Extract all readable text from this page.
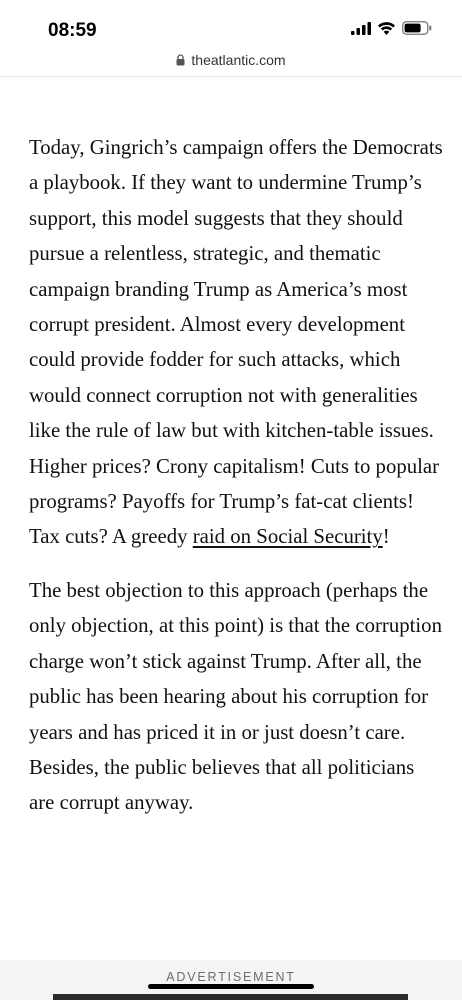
08:59
theatlantic.com

Today, Gingrich’s campaign offers the Democrats a playbook. If they want to undermine Trump’s support, this model suggests that they should pursue a relentless, strategic, and thematic campaign branding Trump as America’s most corrupt president. Almost every development could provide fodder for such attacks, which would connect corruption not with generalities like the rule of law but with kitchen-table issues. Higher prices? Crony capitalism! Cuts to popular programs? Payoffs for Trump’s fat-cat clients! Tax cuts? A greedy raid on Social Security!

The best objection to this approach (perhaps the only objection, at this point) is that the corruption charge won’t stick against Trump. After all, the public has been hearing about his corruption for years and has priced it in or just doesn’t care. Besides, the public believes that all politicians are corrupt anyway.

ADVERTISEMENT
